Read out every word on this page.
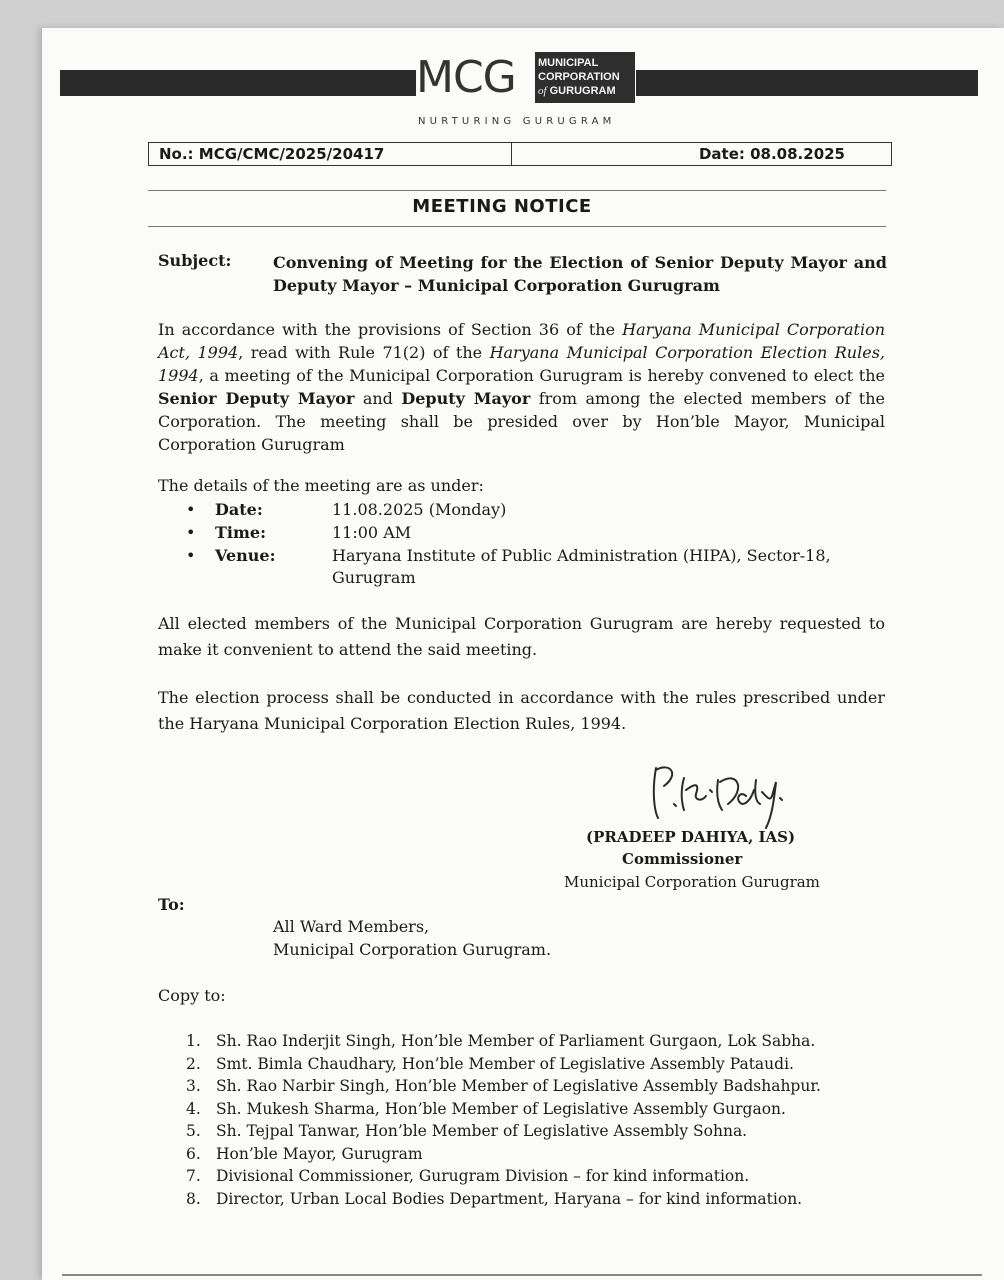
MCG MUNICIPAL
CORPORATION
of GURUGRAM
NURTURING GURUGRAM
No.: MCG/CMC/2025/20417	Date: 08.08.2025
MEETING NOTICE
Subject:	Convening of Meeting for the Election of Senior Deputy Mayor and Deputy Mayor – Municipal Corporation Gurugram
In accordance with the provisions of Section 36 of the Haryana Municipal Corporation Act, 1994, read with Rule 71(2) of the Haryana Municipal Corporation Election Rules, 1994, a meeting of the Municipal Corporation Gurugram is hereby convened to elect the Senior Deputy Mayor and Deputy Mayor from among the elected members of the Corporation. The meeting shall be presided over by Hon’ble Mayor, Municipal Corporation Gurugram
The details of the meeting are as under:
• Date:	11.08.2025 (Monday)
• Time:	11:00 AM
• Venue:	Haryana Institute of Public Administration (HIPA), Sector-18, Gurugram
All elected members of the Municipal Corporation Gurugram are hereby requested to make it convenient to attend the said meeting.
The election process shall be conducted in accordance with the rules prescribed under the Haryana Municipal Corporation Election Rules, 1994.
(PRADEEP DAHIYA, IAS)
Commissioner
Municipal Corporation Gurugram
To:
All Ward Members,
Municipal Corporation Gurugram.
Copy to:
1. Sh. Rao Inderjit Singh, Hon’ble Member of Parliament Gurgaon, Lok Sabha.
2. Smt. Bimla Chaudhary, Hon’ble Member of Legislative Assembly Pataudi.
3. Sh. Rao Narbir Singh, Hon’ble Member of Legislative Assembly Badshahpur.
4. Sh. Mukesh Sharma, Hon’ble Member of Legislative Assembly Gurgaon.
5. Sh. Tejpal Tanwar, Hon’ble Member of Legislative Assembly Sohna.
6. Hon’ble Mayor, Gurugram
7. Divisional Commissioner, Gurugram Division – for kind information.
8. Director, Urban Local Bodies Department, Haryana – for kind information.
